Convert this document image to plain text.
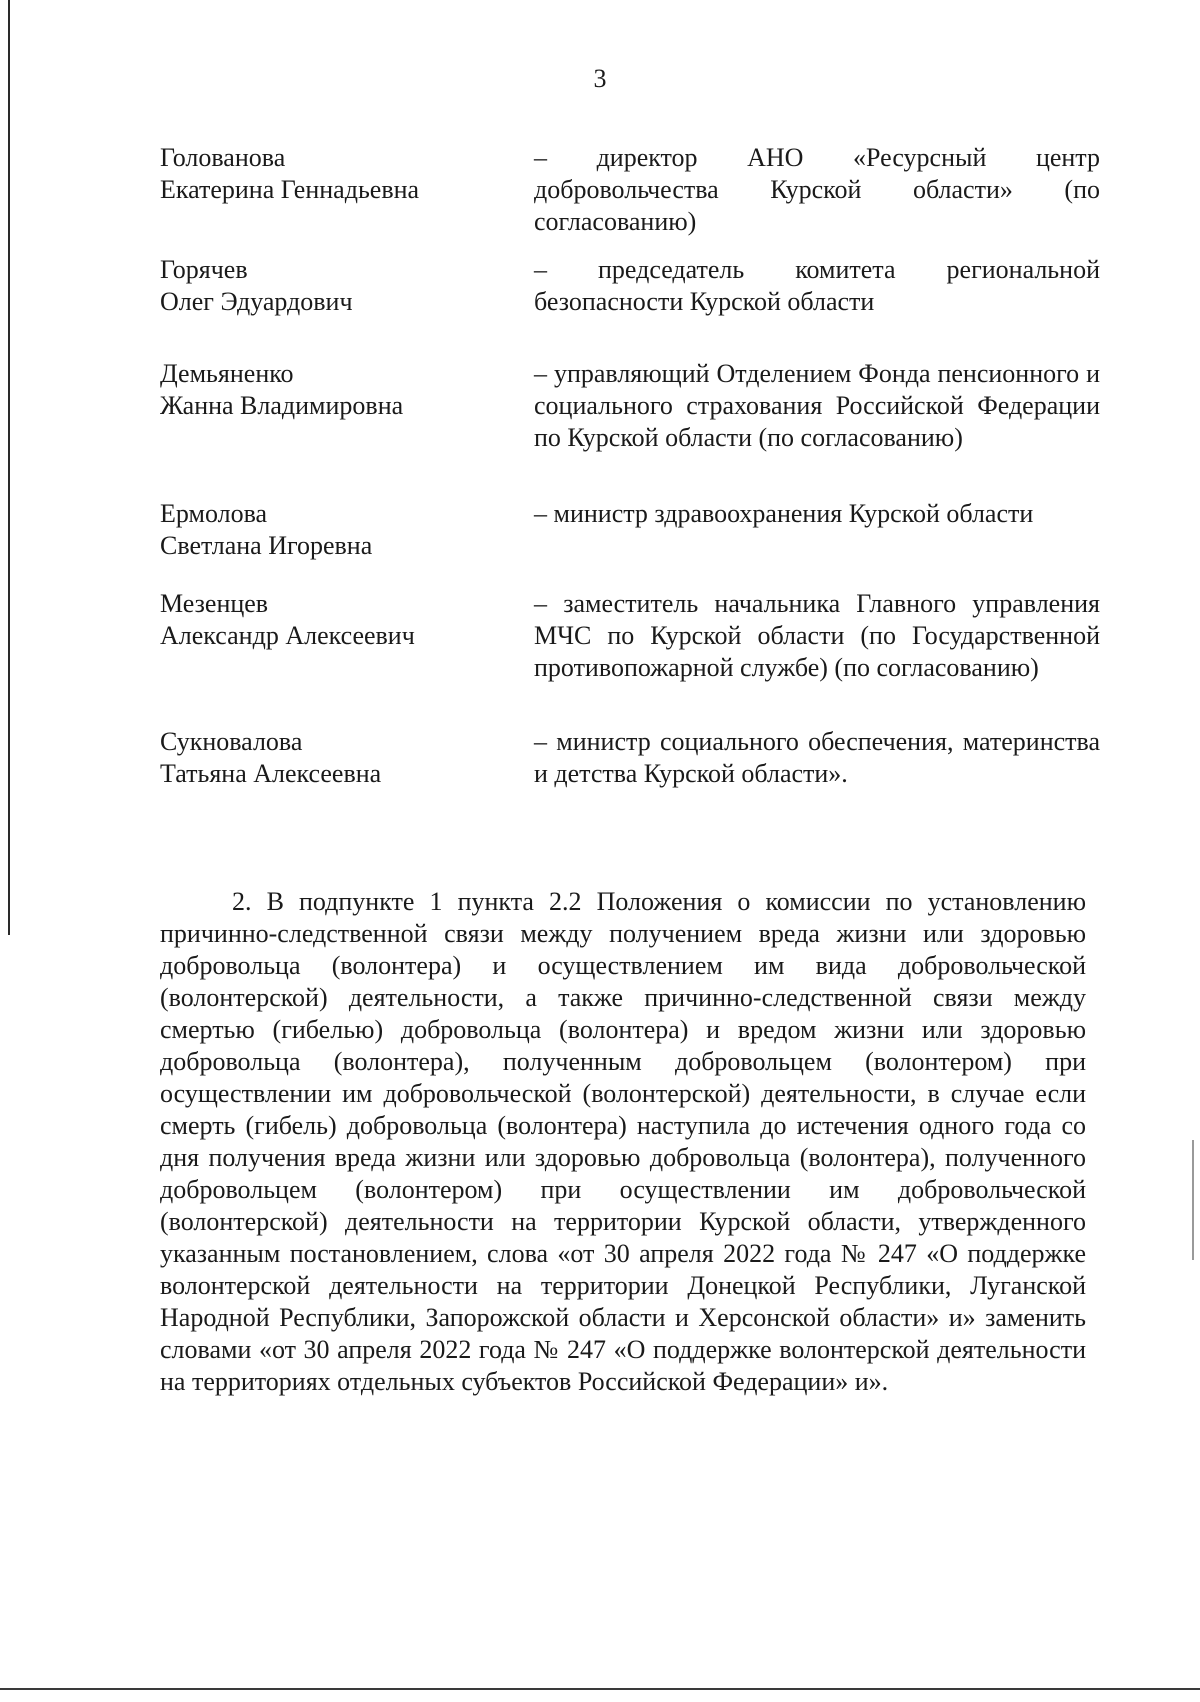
3
Голованова
Екатерина Геннадьевна
– директор АНО «Ресурсный центр добровольчества Курской области» (по согласованию)
Горячев
Олег Эдуардович
– председатель комитета региональной безопасности Курской области
Демьяненко
Жанна Владимировна
– управляющий Отделением Фонда пенсионного и социального страхования Российской Федерации по Курской области (по согласованию)
Ермолова
Светлана Игоревна
– министр здравоохранения Курской области
Мезенцев
Александр Алексеевич
– заместитель начальника Главного управления МЧС по Курской области (по Государственной противопожарной службе) (по согласованию)
Сукновалова
Татьяна Алексеевна
– министр социального обеспечения, материнства и детства Курской области».
2. В подпункте 1 пункта 2.2 Положения о комиссии по установлению причинно-следственной связи между получением вреда жизни или здоровью добровольца (волонтера) и осуществлением им вида добровольческой (волонтерской) деятельности, а также причинно-следственной связи между смертью (гибелью) добровольца (волонтера) и вредом жизни или здоровью добровольца (волонтера), полученным добровольцем (волонтером) при осуществлении им добровольческой (волонтерской) деятельности, в случае если смерть (гибель) добровольца (волонтера) наступила до истечения одного года со дня получения вреда жизни или здоровью добровольца (волонтера), полученного добровольцем (волонтером) при осуществлении им добровольческой (волонтерской) деятельности на территории Курской области, утвержденного указанным постановлением, слова «от 30 апреля 2022 года № 247 «О поддержке волонтерской деятельности на территории Донецкой Республики, Луганской Народной Республики, Запорожской области и Херсонской области» и» заменить словами «от 30 апреля 2022 года № 247 «О поддержке волонтерской деятельности на территориях отдельных субъектов Российской Федерации» и».
